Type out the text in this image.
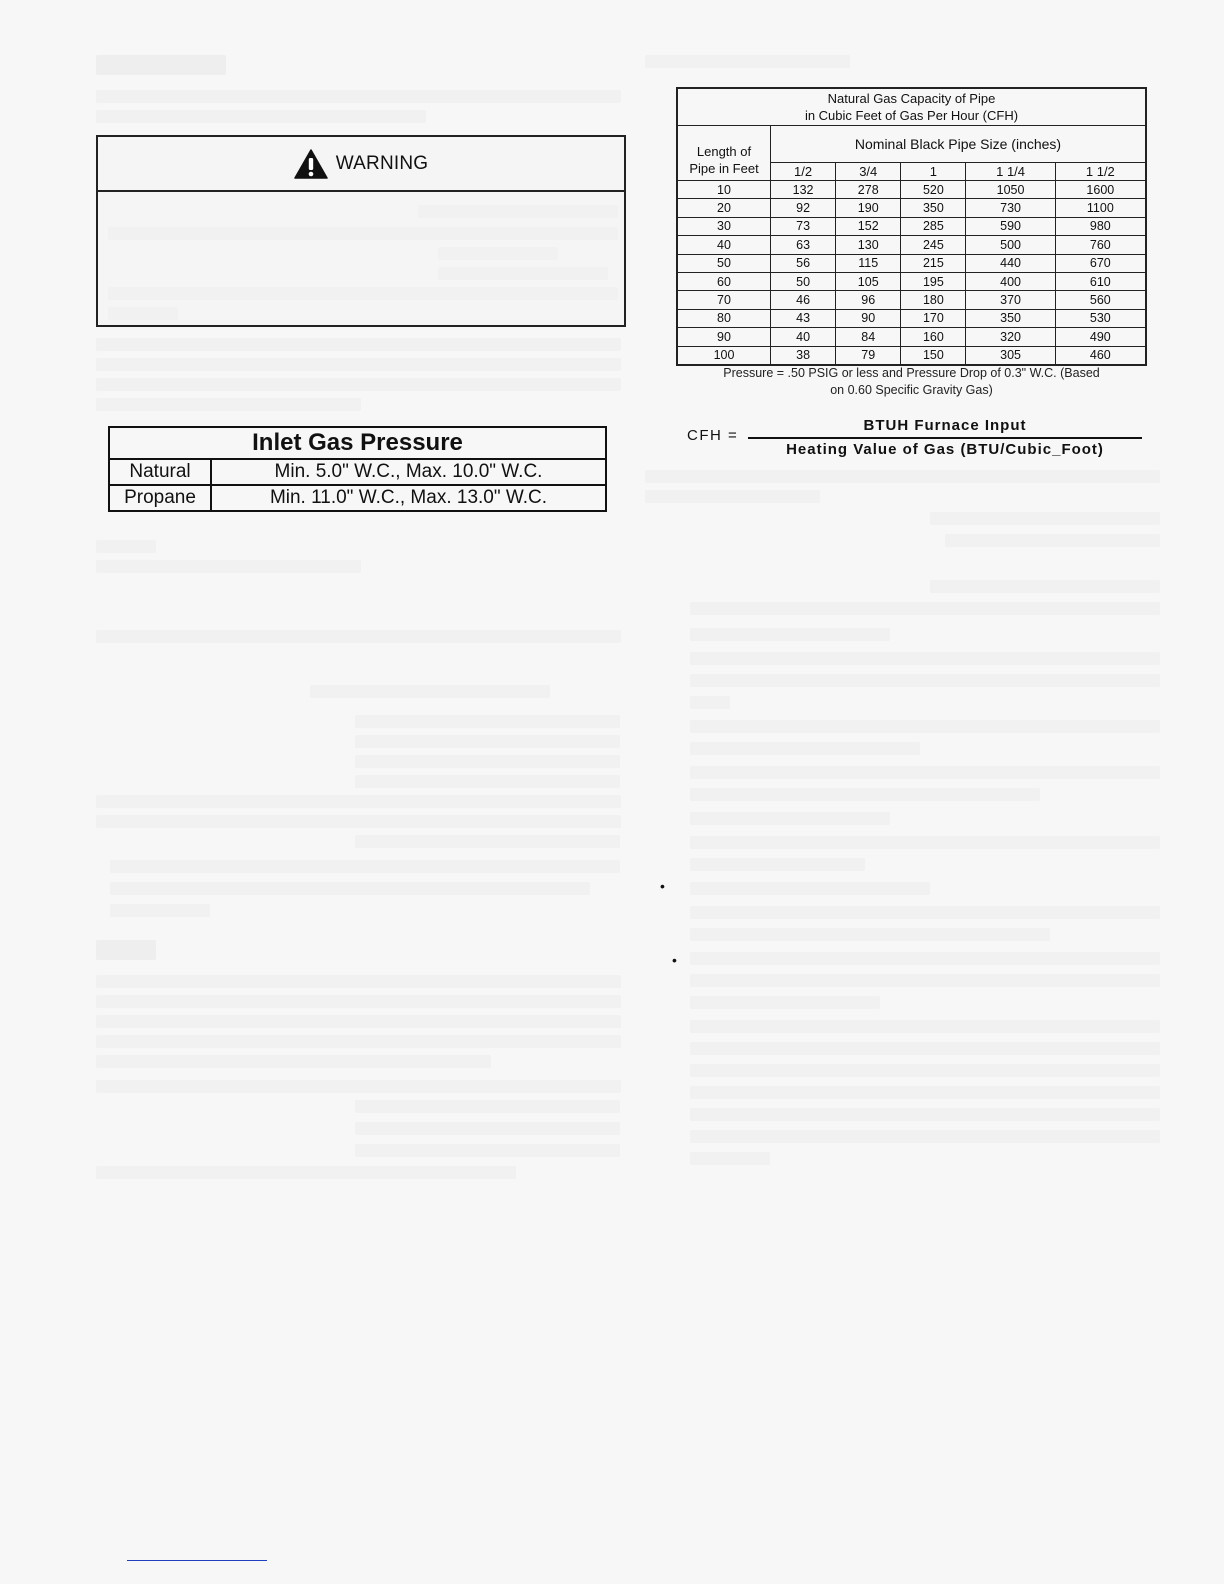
•
•
WARNING
Inlet Gas Pressure	
Natural	Min. 5.0" W.C., Max. 10.0" W.C.
Propane	Min. 11.0" W.C., Max. 13.0" W.C.
Natural Gas Capacity of Pipe
in Cubic Feet of Gas Per Hour (CFH)					

Length of
Pipe in Feet	Nominal Black Pipe Size (inches)				
	1/2	3/4	1	1 1/4	1 1/2
10	132	278	520	1050	1600
20	92	190	350	730	1100
30	73	152	285	590	980
40	63	130	245	500	760
50	56	115	215	440	670
60	50	105	195	400	610
70	46	96	180	370	560
80	43	90	170	350	530
90	40	84	160	320	490
100	38	79	150	305	460
Pressure = .50 PSIG or less and Pressure Drop of 0.3" W.C. (Based
on 0.60 Specific Gravity Gas)
CFH =
BTUH Furnace Input
Heating Value of Gas (BTU/Cubic_Foot)
